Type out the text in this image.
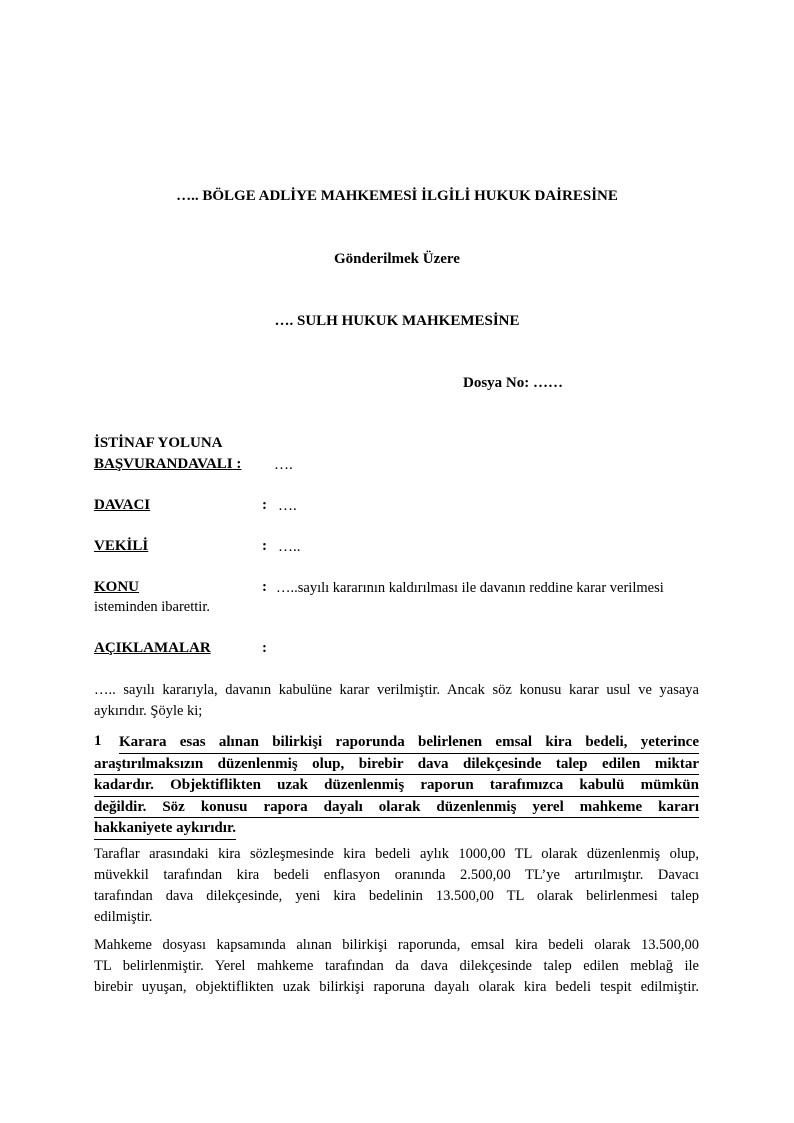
….. BÖLGE ADLİYE MAHKEMESİ İLGİLİ HUKUK DAİRESİNE
Gönderilmek Üzere
…. SULH HUKUK MAHKEMESİNE
Dosya No: ……
İSTİNAF YOLUNA
BAŞVURANDAVALI :	….
DAVACI	: ….
VEKİLİ	: …..
KONU	: …..sayılı kararının kaldırılması ile davanın reddine karar verilmesi
isteminden ibarettir.
AÇIKLAMALAR	:
….. sayılı kararıyla, davanın kabulüne karar verilmiştir. Ancak söz konusu karar usul ve yasaya
aykırıdır. Şöyle ki;
1 Karara esas alınan bilirkişi raporunda belirlenen emsal kira bedeli, yeterince
araştırılmaksızın düzenlenmiş olup, birebir dava dilekçesinde talep edilen miktar
kadardır. Objektiflikten uzak düzenlenmiş raporun tarafımızca kabulü mümkün
değildir. Söz konusu rapora dayalı olarak düzenlenmiş yerel mahkeme kararı
hakkaniyete aykırıdır.
Taraflar arasındaki kira sözleşmesinde kira bedeli aylık 1000,00 TL olarak düzenlenmiş olup,
müvekkil tarafından kira bedeli enflasyon oranında 2.500,00 TL’ye artırılmıştır. Davacı
tarafından dava dilekçesinde, yeni kira bedelinin 13.500,00 TL olarak belirlenmesi talep
edilmiştir.
Mahkeme dosyası kapsamında alınan bilirkişi raporunda, emsal kira bedeli olarak 13.500,00
TL belirlenmiştir. Yerel mahkeme tarafından da dava dilekçesinde talep edilen meblağ ile
birebir uyuşan, objektiflikten uzak bilirkişi raporuna dayalı olarak kira bedeli tespit edilmiştir.
